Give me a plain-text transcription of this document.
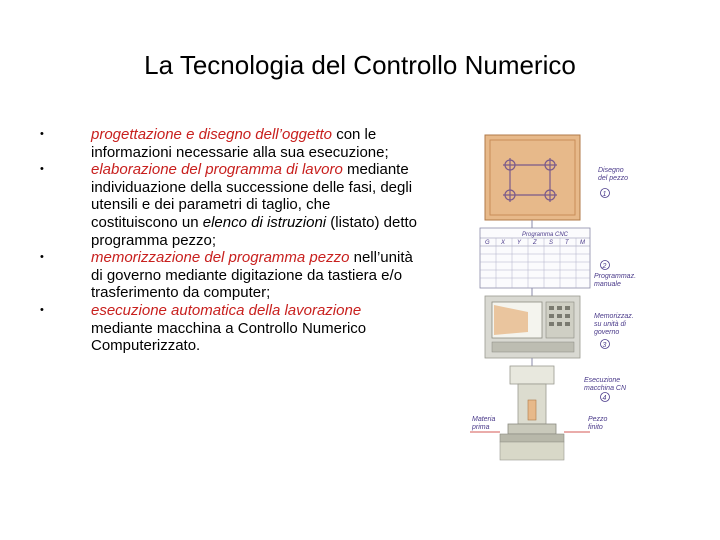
La Tecnologia del Controllo Numerico
•	progettazione e disegno dell’oggetto con le informazioni necessarie alla sua esecuzione;
•	elaborazione del programma di lavoro mediante individuazione della successione delle fasi, degli utensili e dei parametri di taglio, che costituiscono un elenco di istruzioni (listato) detto programma pezzo;
•	memorizzazione del programma pezzo nell’unità di governo mediante digitazione da tastiera e/o trasferimento da computer;
•	esecuzione automatica della lavorazione mediante macchina a Controllo Numerico Computerizzato.
Disegno
del pezzo
1
Programma CNC
G X Y Z S T M
2
Programmaz.
manuale
Memorizzaz.
su unità di
governo
3
Esecuzione
macchina CN
4
Materia
prima
Pezzo
finito
